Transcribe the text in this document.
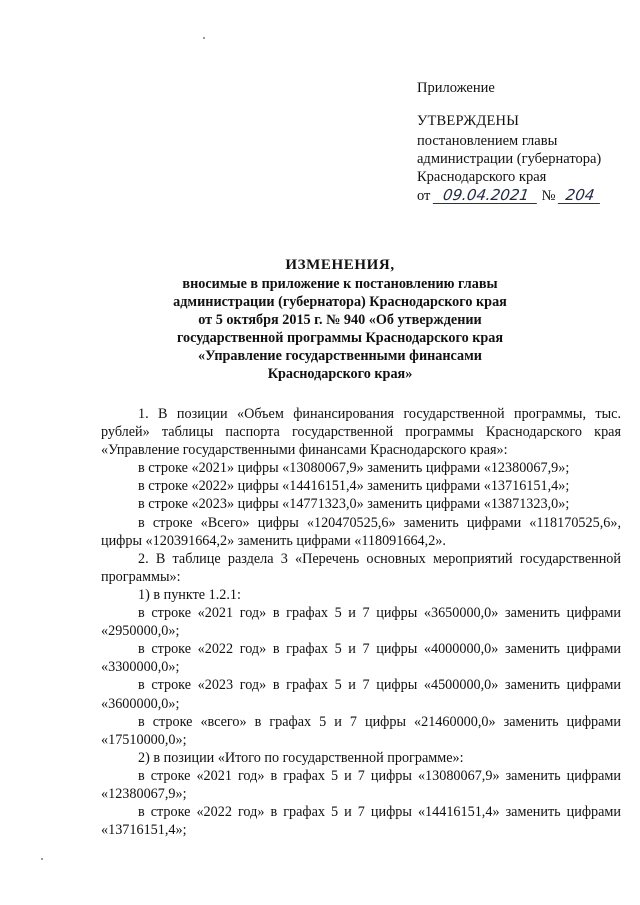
Приложение
УТВЕРЖДЕНЫ
постановлением главы
администрации (губернатора)
Краснодарского края
от 09.04.2021 № 204
ИЗМЕНЕНИЯ,
вносимые в приложение к постановлению главы
администрации (губернатора) Краснодарского края
от 5 октября 2015 г. № 940 «Об утверждении
государственной программы Краснодарского края
«Управление государственными финансами
Краснодарского края»

1. В позиции «Объем финансирования государственной программы, тыс. рублей» таблицы паспорта государственной программы Краснодарского края «Управление государственными финансами Краснодарского края»:

в строке «2021» цифры «13080067,9» заменить цифрами «12380067,9»;

в строке «2022» цифры «14416151,4» заменить цифрами «13716151,4»;

в строке «2023» цифры «14771323,0» заменить цифрами «13871323,0»;

в строке «Всего» цифры «120470525,6» заменить цифрами «118170525,6», цифры «120391664,2» заменить цифрами «118091664,2».

2. В таблице раздела 3 «Перечень основных мероприятий государственной программы»:

1) в пункте 1.2.1:

в строке «2021 год» в графах 5 и 7 цифры «3650000,0» заменить цифрами «2950000,0»;

в строке «2022 год» в графах 5 и 7 цифры «4000000,0» заменить цифрами «3300000,0»;

в строке «2023 год» в графах 5 и 7 цифры «4500000,0» заменить цифрами «3600000,0»;

в строке «всего» в графах 5 и 7 цифры «21460000,0» заменить цифрами «17510000,0»;

2) в позиции «Итого по государственной программе»:

в строке «2021 год» в графах 5 и 7 цифры «13080067,9» заменить цифрами «12380067,9»;

в строке «2022 год» в графах 5 и 7 цифры «14416151,4» заменить цифрами «13716151,4»;
